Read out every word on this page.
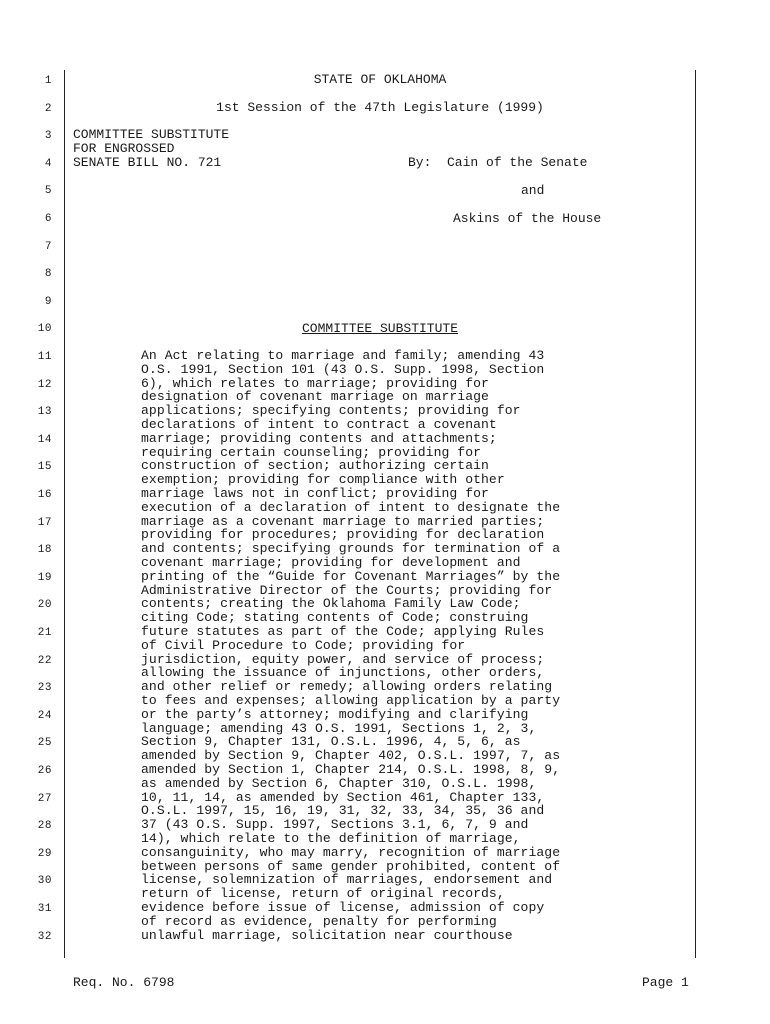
1
2
3
4
5
6
7
8
9
10
11
12
13
14
15
16
17
18
19
20
21
22
23
24
25
26
27
28
29
30
31
32
STATE OF OKLAHOMA
1st Session of the 47th Legislature (1999)
COMMITTEE SUBSTITUTE
FOR ENGROSSED
SENATE BILL NO. 721	By:  Cain of the Senate
and
Askins of the House
COMMITTEE SUBSTITUTE
An Act relating to marriage and family; amending 43
O.S. 1991, Section 101 (43 O.S. Supp. 1998, Section
6), which relates to marriage; providing for
designation of covenant marriage on marriage
applications; specifying contents; providing for
declarations of intent to contract a covenant
marriage; providing contents and attachments;
requiring certain counseling; providing for
construction of section; authorizing certain
exemption; providing for compliance with other
marriage laws not in conflict; providing for
execution of a declaration of intent to designate the
marriage as a covenant marriage to married parties;
providing for procedures; providing for declaration
and contents; specifying grounds for termination of a
covenant marriage; providing for development and
printing of the “Guide for Covenant Marriages” by the
Administrative Director of the Courts; providing for
contents; creating the Oklahoma Family Law Code;
citing Code; stating contents of Code; construing
future statutes as part of the Code; applying Rules
of Civil Procedure to Code; providing for
jurisdiction, equity power, and service of process;
allowing the issuance of injunctions, other orders,
and other relief or remedy; allowing orders relating
to fees and expenses; allowing application by a party
or the party’s attorney; modifying and clarifying
language; amending 43 O.S. 1991, Sections 1, 2, 3,
Section 9, Chapter 131, O.S.L. 1996, 4, 5, 6, as
amended by Section 9, Chapter 402, O.S.L. 1997, 7, as
amended by Section 1, Chapter 214, O.S.L. 1998, 8, 9,
as amended by Section 6, Chapter 310, O.S.L. 1998,
10, 11, 14, as amended by Section 461, Chapter 133,
O.S.L. 1997, 15, 16, 19, 31, 32, 33, 34, 35, 36 and
37 (43 O.S. Supp. 1997, Sections 3.1, 6, 7, 9 and
14), which relate to the definition of marriage,
consanguinity, who may marry, recognition of marriage
between persons of same gender prohibited, content of
license, solemnization of marriages, endorsement and
return of license, return of original records,
evidence before issue of license, admission of copy
of record as evidence, penalty for performing
unlawful marriage, solicitation near courthouse
Req. No. 6798	Page 1
